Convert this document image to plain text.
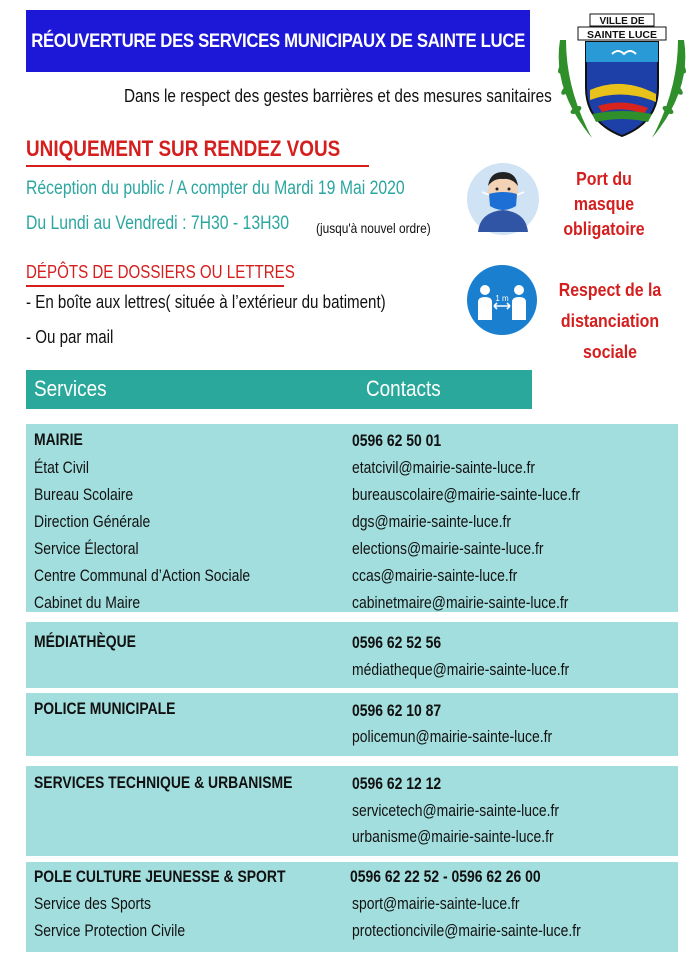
RÉOUVERTURE DES SERVICES MUNICIPAUX DE SAINTE LUCE
Dans le respect des gestes barrières et des mesures sanitaires
VILLE DE
SAINTE LUCE
UNIQUEMENT SUR RENDEZ VOUS
Réception du public / A compter du Mardi 19 Mai 2020
Du Lundi au Vendredi : 7H30 - 13H30 (jusqu'à nouvel ordre)
DÉPÔTS DE DOSSIERS OU LETTRES
- En boîte aux lettres( située à l’extérieur du batiment)
- Ou par mail
Port du masque obligatoire
1 m	Respect de la distanciation sociale
Services	Contacts
MAIRIE	0596 62 50 01
État Civil	etatcivil@mairie-sainte-luce.fr
Bureau Scolaire	bureauscolaire@mairie-sainte-luce.fr
Direction Générale	dgs@mairie-sainte-luce.fr
Service Électoral	elections@mairie-sainte-luce.fr
Centre Communal d’Action Sociale	ccas@mairie-sainte-luce.fr
Cabinet du Maire	cabinetmaire@mairie-sainte-luce.fr
MÉDIATHÈQUE	0596 62 52 56
médiatheque@mairie-sainte-luce.fr
POLICE MUNICIPALE	0596 62 10 87
policemun@mairie-sainte-luce.fr
SERVICES TECHNIQUE & URBANISME	0596 62 12 12
servicetech@mairie-sainte-luce.fr
urbanisme@mairie-sainte-luce.fr
POLE CULTURE JEUNESSE & SPORT	0596 62 22 52 - 0596 62 26 00
Service des Sports	sport@mairie-sainte-luce.fr
Service Protection Civile	protectioncivile@mairie-sainte-luce.fr
